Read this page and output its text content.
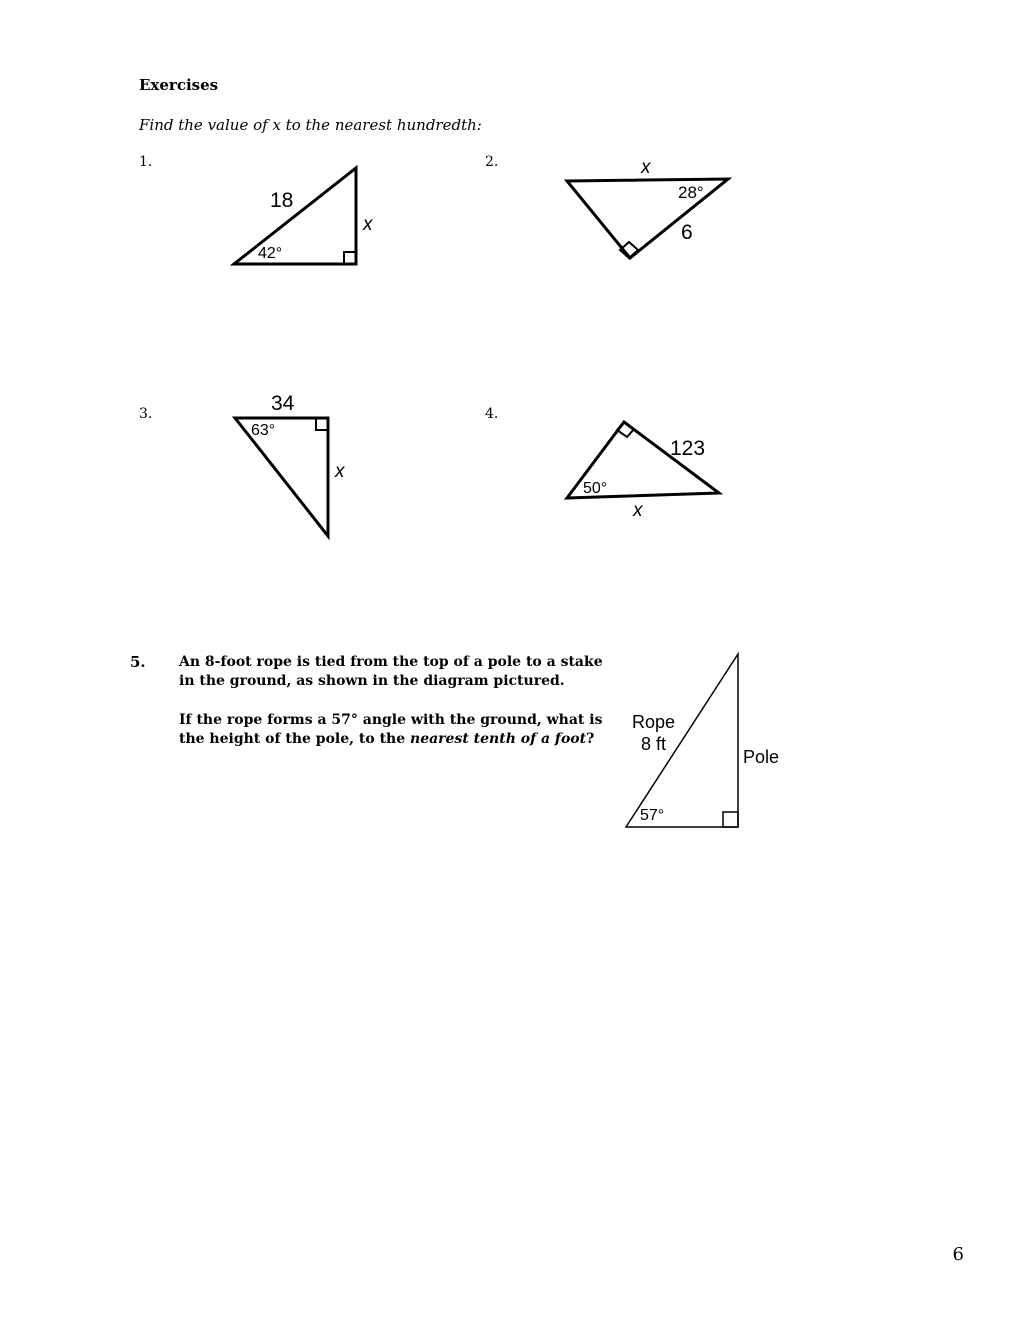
Exercises
Find the value of x to the nearest hundredth:
1.
18
x
42°
2.	x
28°
6
3.	34
63°
x
4.
123
50°
x
5. An 8-foot rope is tied from the top of a pole to a stake in the ground, as shown in the diagram pictured.
If the rope forms a 57° angle with the ground, what is the height of the pole, to the nearest tenth of a foot?
Rope
8 ft
Pole
57°
6
